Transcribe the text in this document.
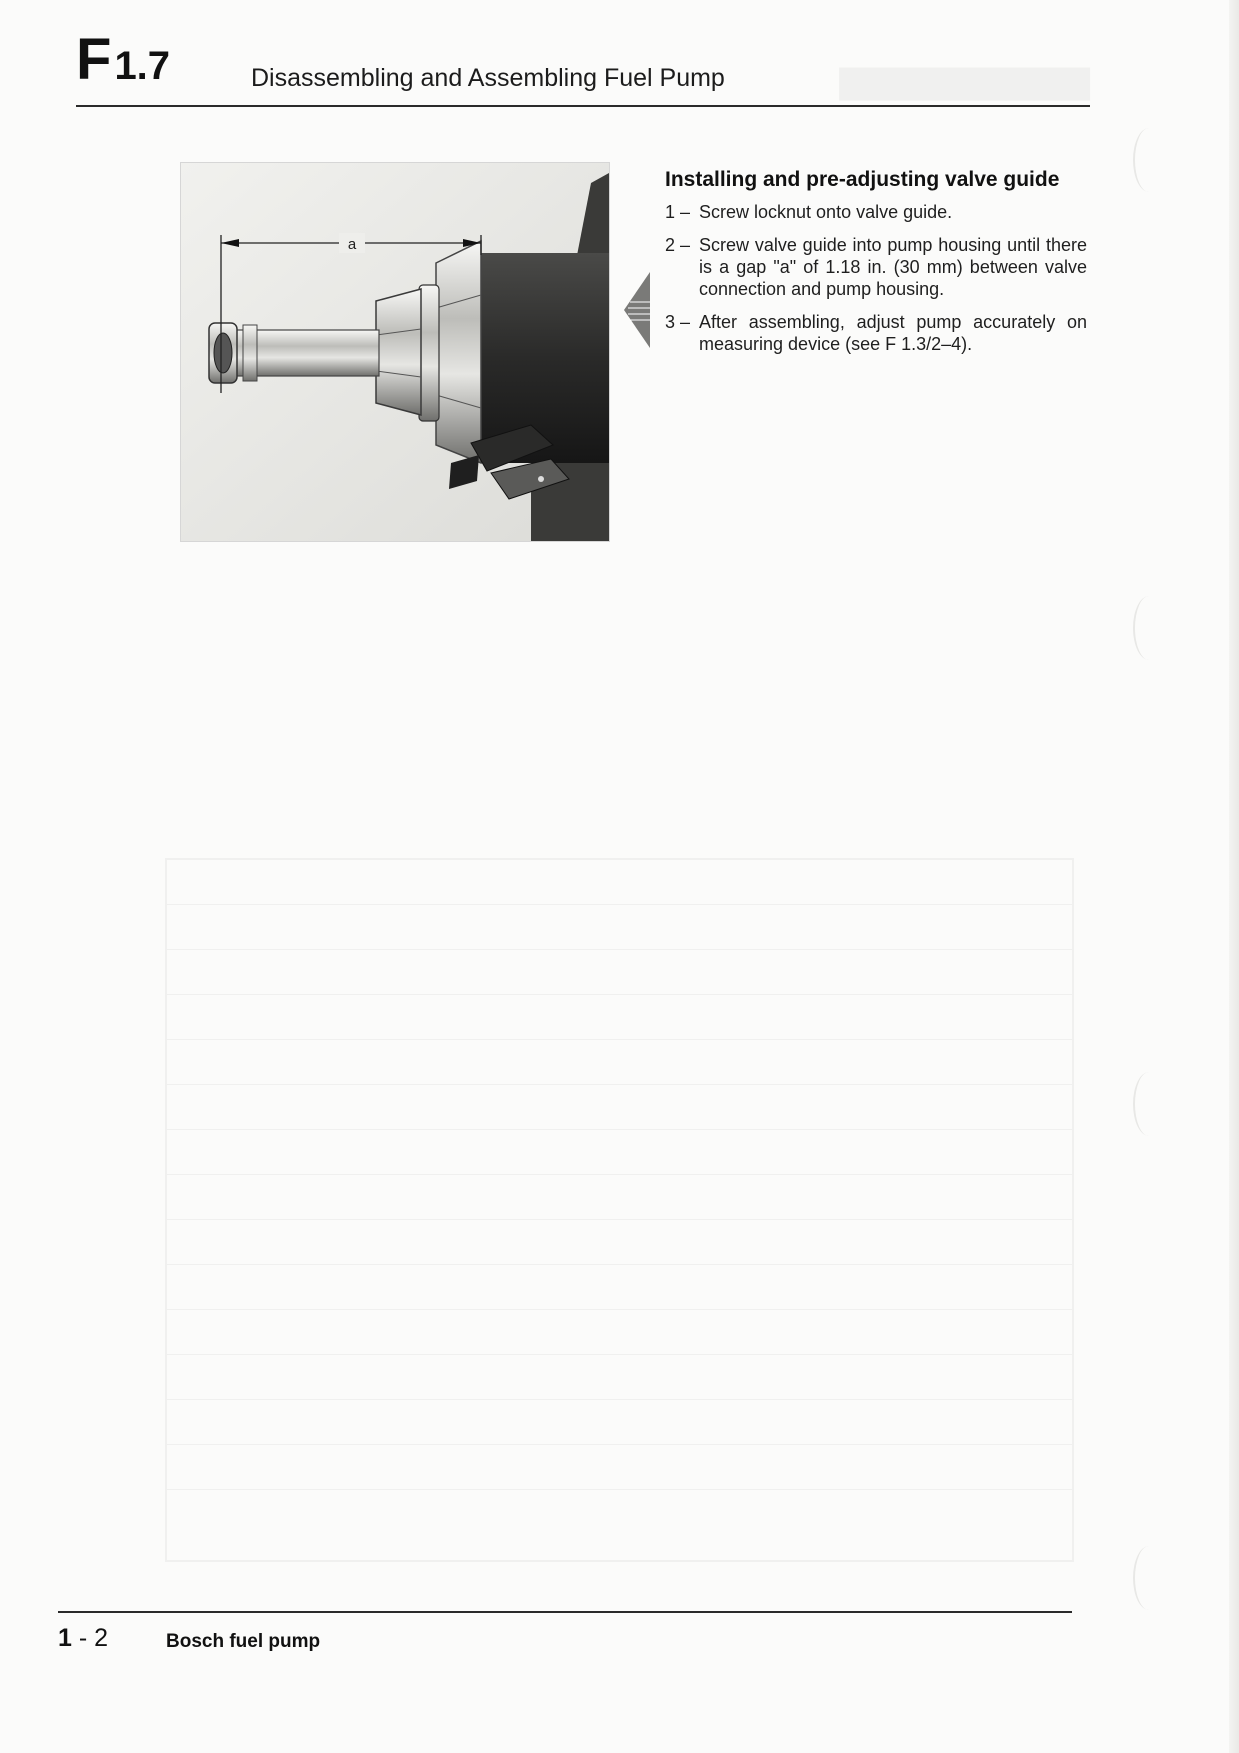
▆▆▆▆▆▆▆▆▆
F 1.7	Disassembling and Assembling Fuel Pump
a
Installing and pre-adjusting valve guide
1 – Screw locknut onto valve guide.
2 – Screw valve guide into pump housing until there is a gap "a" of 1.18 in. (30 mm) between valve connection and pump housing.
3 – After assembling, adjust pump accurately on measuring device (see F 1.3/2–4).
1 - 2	Bosch fuel pump
